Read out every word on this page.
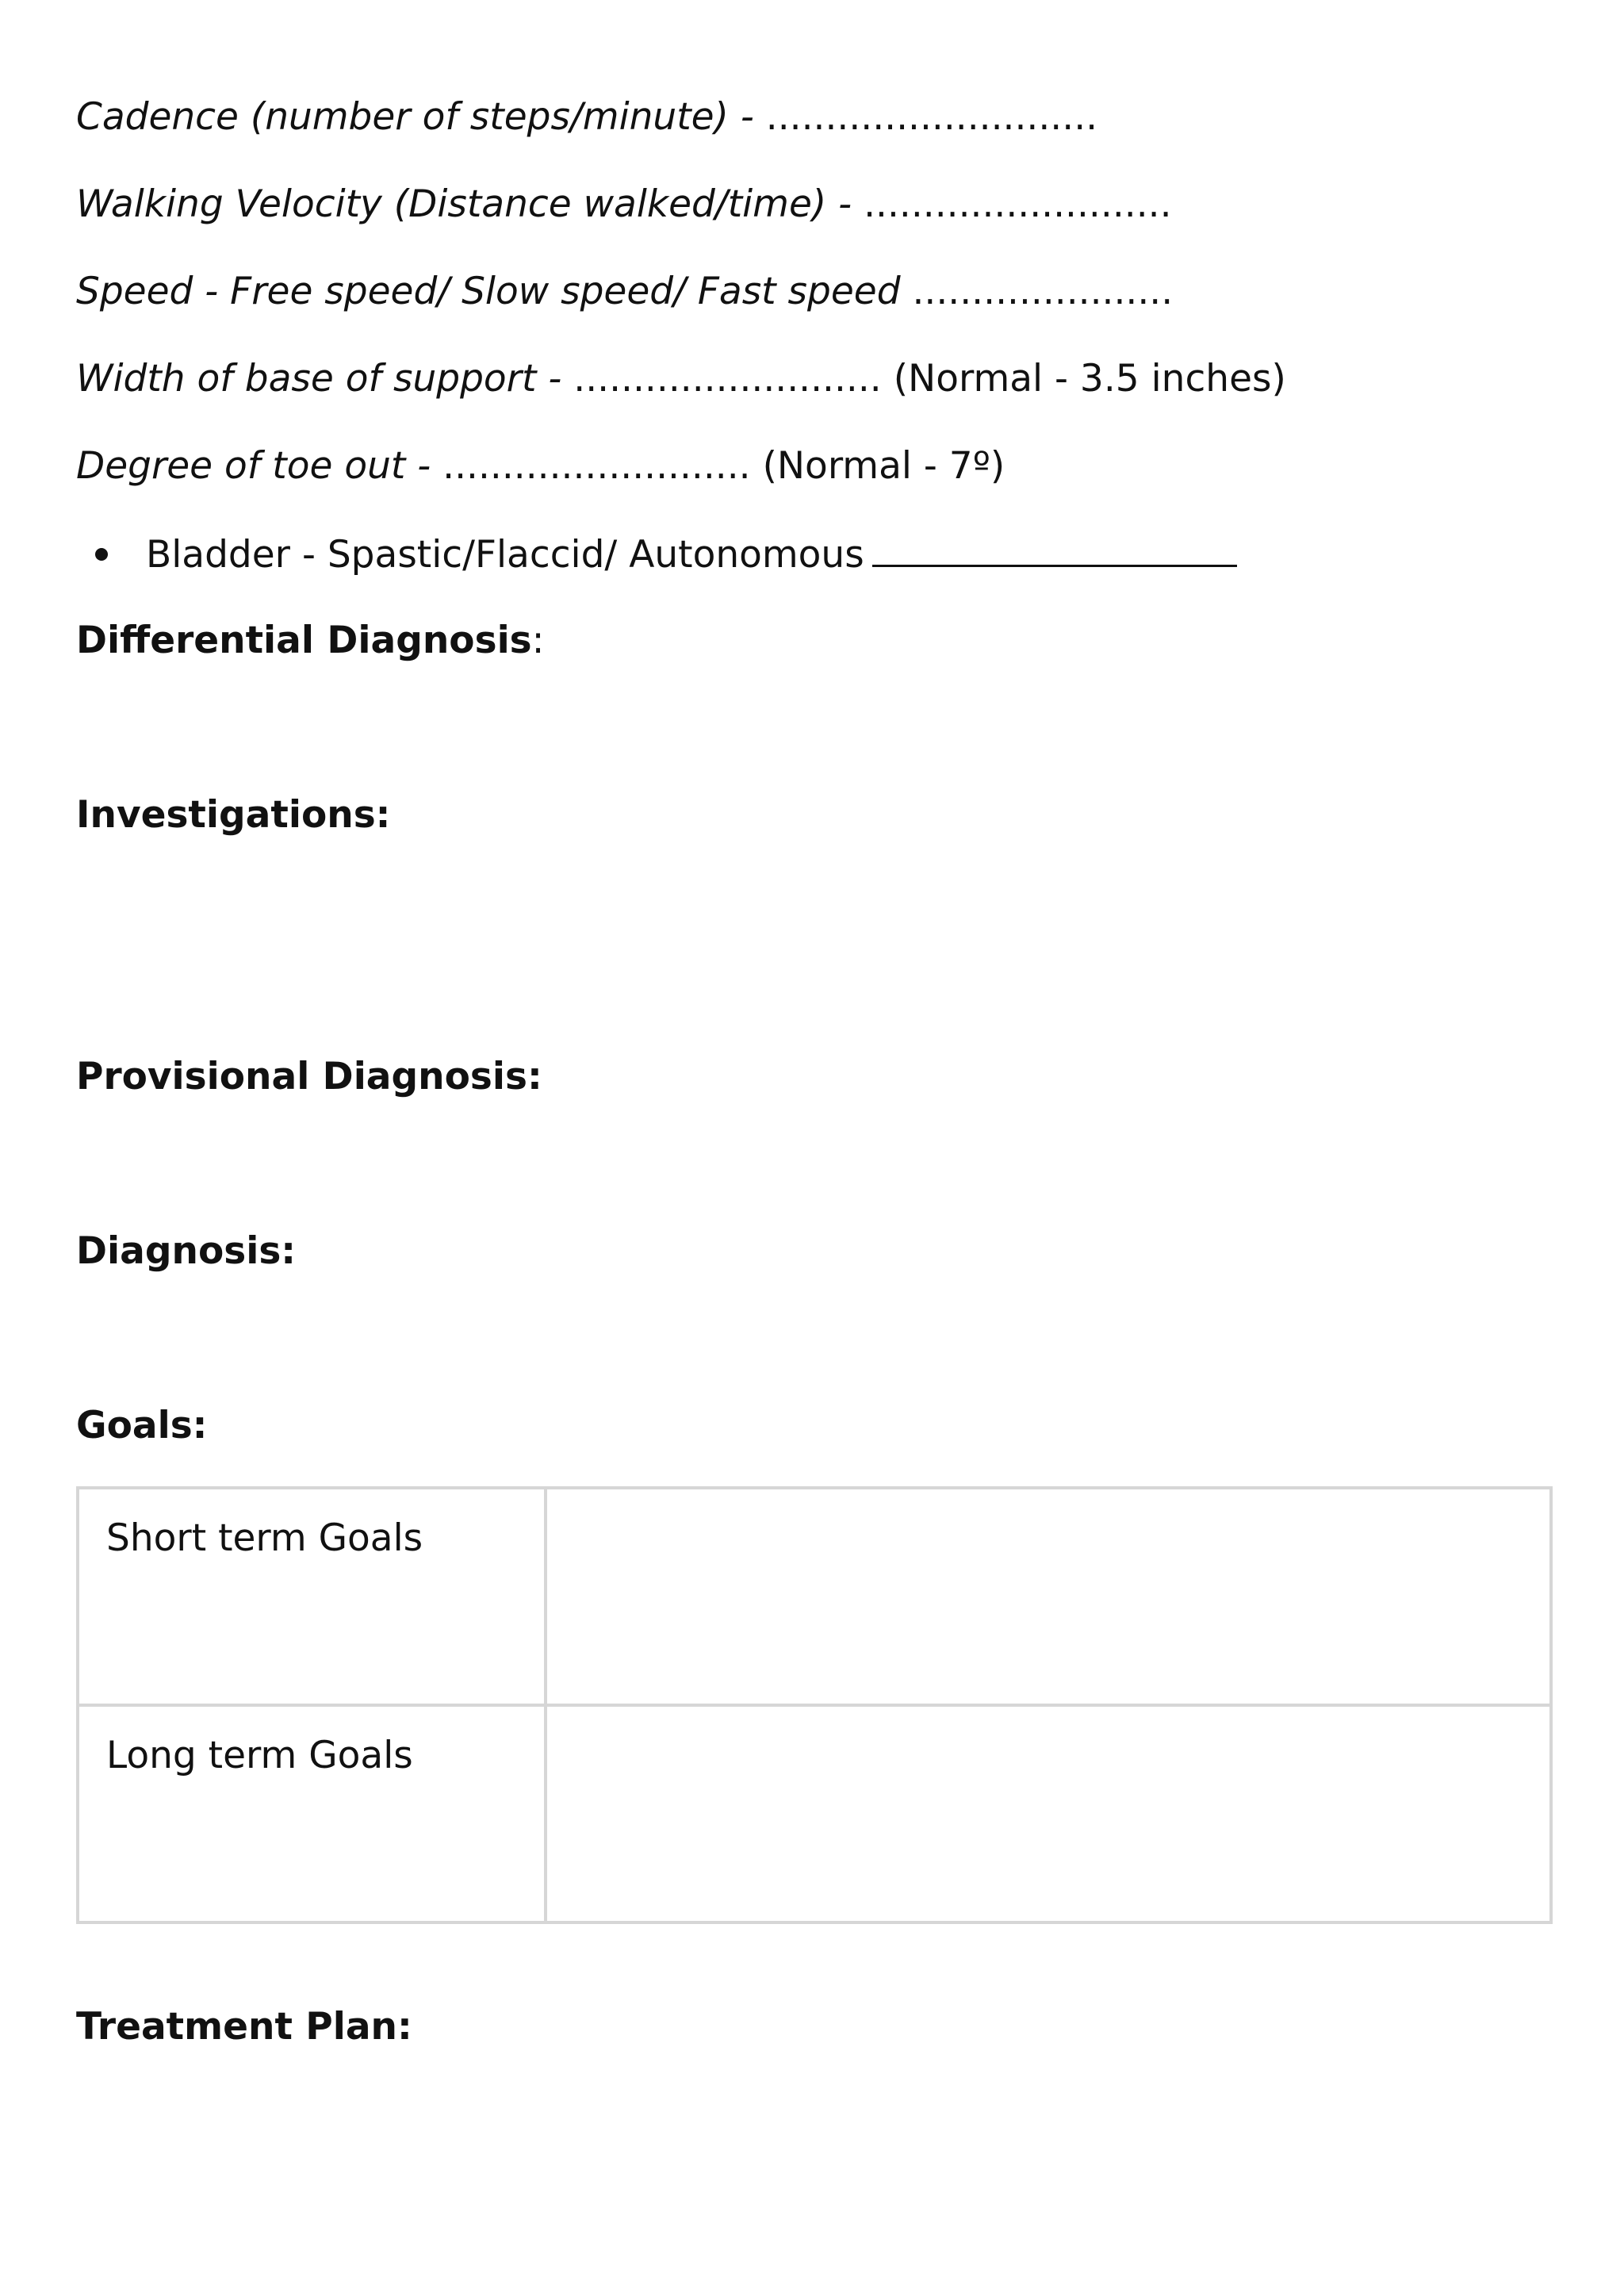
Cadence (number of steps/minute) - ............................
Walking Velocity (Distance walked/time) - ..........................
Speed - Free speed/ Slow speed/ Fast speed ......................
Width of base of support - .......................... (Normal - 3.5 inches)
Degree of toe out - .......................... (Normal - 7º)
Bladder - Spastic/Flaccid/ Autonomous
Differential Diagnosis:
Investigations:
Provisional Diagnosis:
Diagnosis:
Goals:
Short term Goals	
Long term Goals	
Treatment Plan:
